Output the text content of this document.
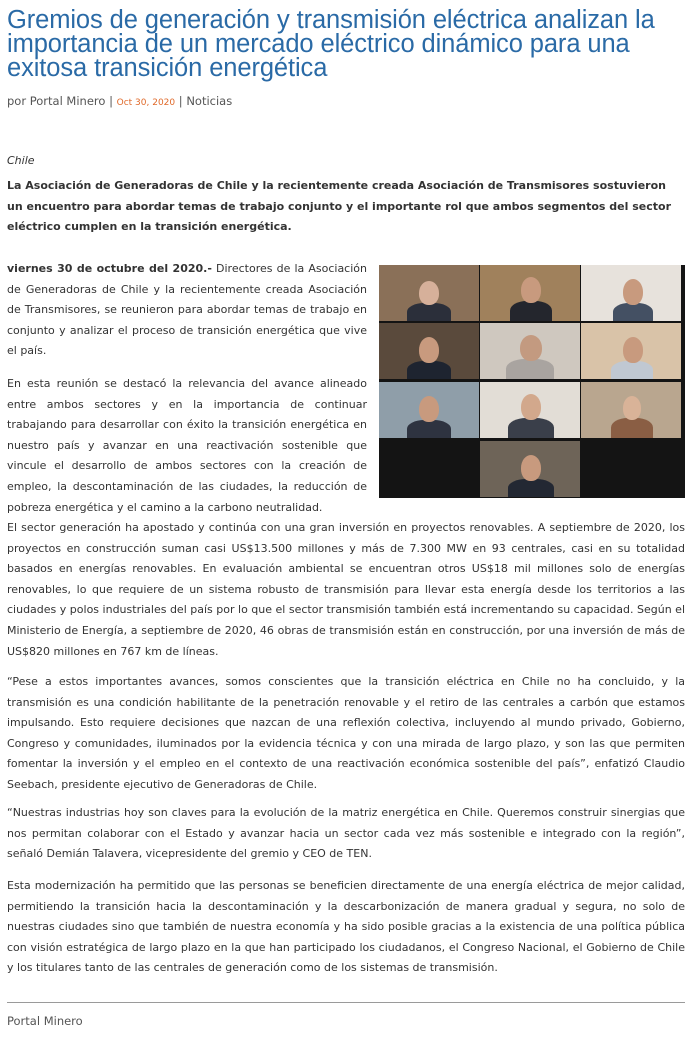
Gremios de generación y transmisión eléctrica analizan la importancia de un mercado eléctrico dinámico para una exitosa transición energética
por Portal Minero | Oct 30, 2020 | Noticias
Chile

La Asociación de Generadoras de Chile y la recientemente creada Asociación de Transmisores sostuvieron un encuentro para abordar temas de trabajo conjunto y el importante rol que ambos segmentos del sector eléctrico cumplen en la transición energética.

viernes 30 de octubre del 2020.- Directores de la Asociación de Generadoras de Chile y la recientemente creada Asociación de Transmisores, se reunieron para abordar temas de trabajo en conjunto y analizar el proceso de transición energética que vive el país.

En esta reunión se destacó la relevancia del avance alineado entre ambos sectores y en la importancia de continuar trabajando para desarrollar con éxito la transición energética en nuestro país y avanzar en una reactivación sostenible que vincule el desarrollo de ambos sectores con la creación de empleo, la descontaminación de las ciudades, la reducción de pobreza energética y el camino a la carbono neutralidad.

El sector generación ha apostado y continúa con una gran inversión en proyectos renovables. A septiembre de 2020, los proyectos en construcción suman casi US$13.500 millones y más de 7.300 MW en 93 centrales, casi en su totalidad basados en energías renovables. En evaluación ambiental se encuentran otros US$18 mil millones solo de energías renovables, lo que requiere de un sistema robusto de transmisión para llevar esta energía desde los territorios a las ciudades y polos industriales del país por lo que el sector transmisión también está incrementando su capacidad. Según el Ministerio de Energía, a septiembre de 2020, 46 obras de transmisión están en construcción, por una inversión de más de US$820 millones en 767 km de líneas.

“Pese a estos importantes avances, somos conscientes que la transición eléctrica en Chile no ha concluido, y la transmisión es una condición habilitante de la penetración renovable y el retiro de las centrales a carbón que estamos impulsando. Esto requiere decisiones que nazcan de una reflexión colectiva, incluyendo al mundo privado, Gobierno, Congreso y comunidades, iluminados por la evidencia técnica y con una mirada de largo plazo, y son las que permiten fomentar la inversión y el empleo en el contexto de una reactivación económica sostenible del país”, enfatizó Claudio Seebach, presidente ejecutivo de Generadoras de Chile.

“Nuestras industrias hoy son claves para la evolución de la matriz energética en Chile. Queremos construir sinergias que nos permitan colaborar con el Estado y avanzar hacia un sector cada vez más sostenible e integrado con la región”, señaló Demián Talavera, vicepresidente del gremio y CEO de TEN.

Esta modernización ha permitido que las personas se beneficien directamente de una energía eléctrica de mejor calidad, permitiendo la transición hacia la descontaminación y la descarbonización de manera gradual y segura, no solo de nuestras ciudades sino que también de nuestra economía y ha sido posible gracias a la existencia de una política pública con visión estratégica de largo plazo en la que han participado los ciudadanos, el Congreso Nacional, el Gobierno de Chile y los titulares tanto de las centrales de generación como de los sistemas de transmisión.

Portal Minero
